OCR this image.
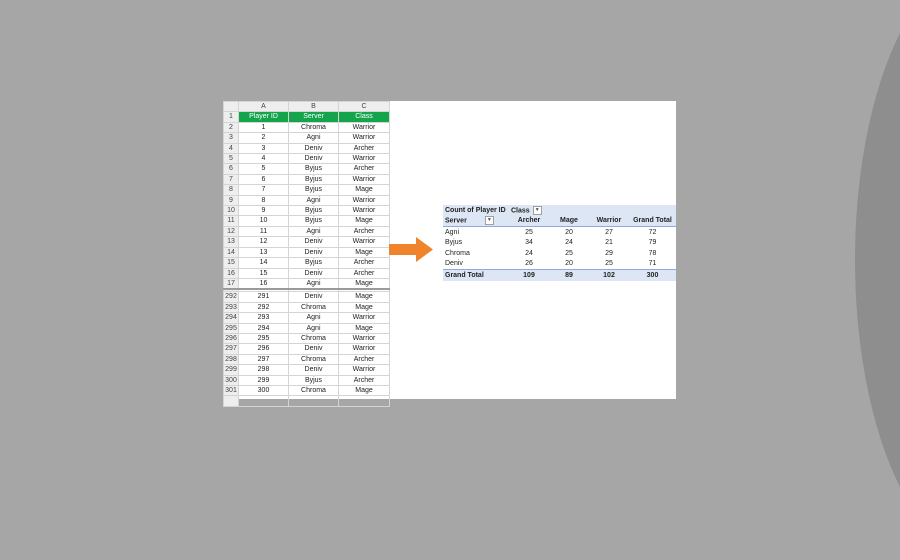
	A	B	C
1	Player ID	Server	Class
2	1	Chroma	Warrior
3	2	Agni	Warrior
4	3	Deniv	Archer
5	4	Deniv	Warrior
6	5	Byjus	Archer
7	6	Byjus	Warrior
8	7	Byjus	Mage
9	8	Agni	Warrior
10	9	Byjus	Warrior
11	10	Byjus	Mage
12	11	Agni	Archer
13	12	Deniv	Warrior
14	13	Deniv	Mage
15	14	Byjus	Archer
16	15	Deniv	Archer
17	16	Agni	Mage

292	291	Deniv	Mage
293	292	Chroma	Mage
294	293	Agni	Warrior
295	294	Agni	Mage
296	295	Chroma	Warrior
297	296	Deniv	Warrior
298	297	Chroma	Archer
299	298	Deniv	Warrior
300	299	Byjus	Archer
301	300	Chroma	Mage

Count of Player ID	Class ▼			
Server ▼	Archer	Mage	Warrior	Grand Total
Agni	25	20	27	72
Byjus	34	24	21	79
Chroma	24	25	29	78
Deniv	26	20	25	71
Grand Total	109	89	102	300
